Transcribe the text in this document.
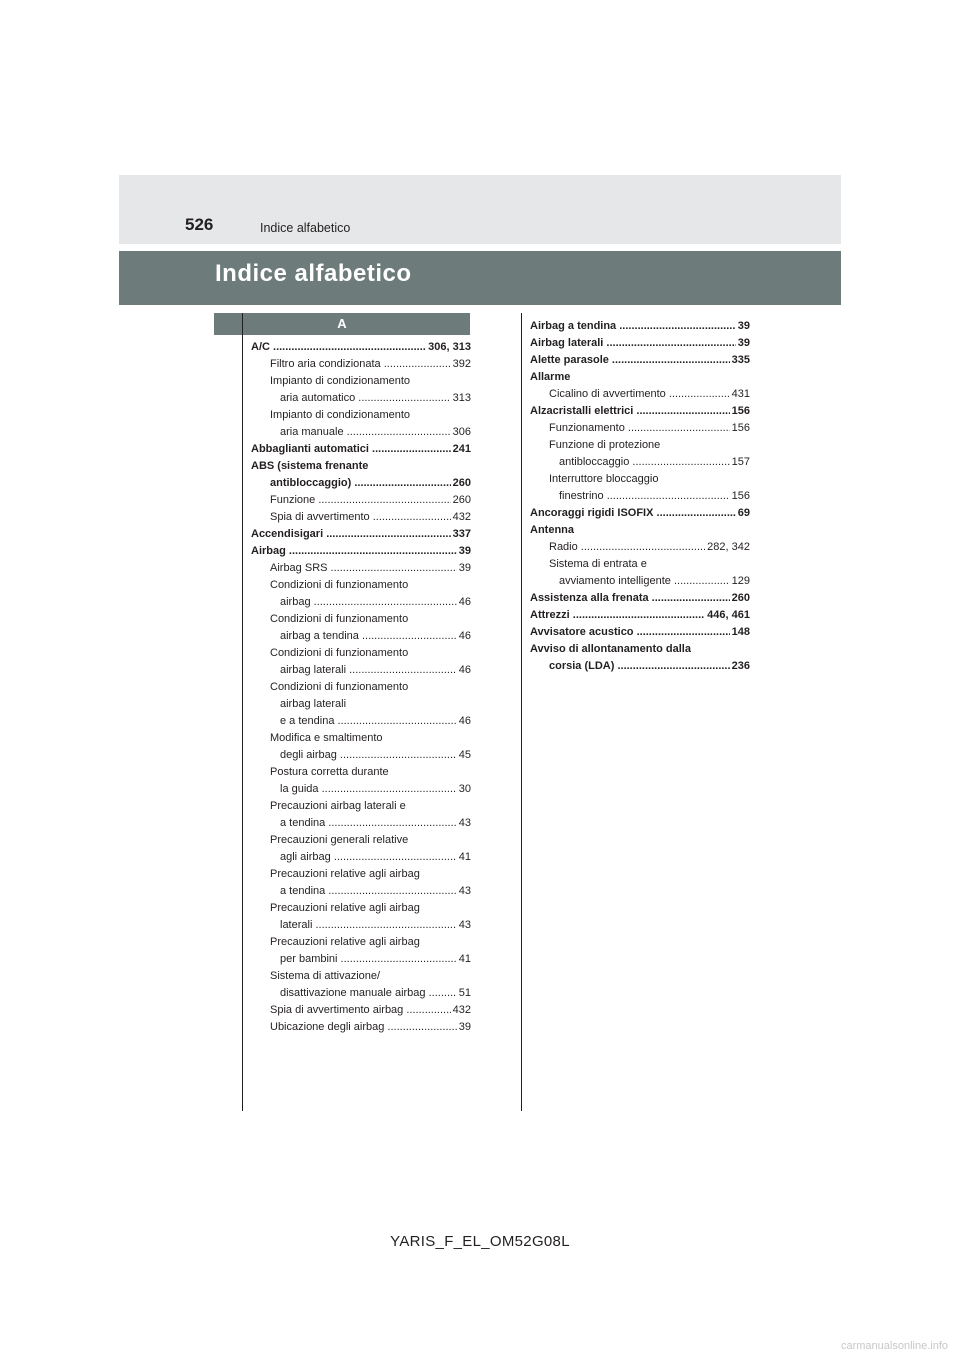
526	Indice alfabetico
Indice alfabetico
A
A/C	306, 313
.....
Filtro aria condizionata	392
.....
Impianto di condizionamento
aria automatico	313
.....
Impianto di condizionamento
aria manuale	306
.....
Abbaglianti automatici	241
.....
ABS (sistema frenante
antibloccaggio)	260
.....
Funzione	260
.....
Spia di avvertimento	432
.....
Accendisigari	337
.....
Airbag	39
.....
Airbag SRS	39
.....
Condizioni di funzionamento
airbag	46
.....
Condizioni di funzionamento
airbag a tendina	46
.....
Condizioni di funzionamento
airbag laterali	46
.....
Condizioni di funzionamento
airbag laterali
e a tendina	46
.....
Modifica e smaltimento
degli airbag	45
.....
Postura corretta durante
la guida	30
.....
Precauzioni airbag laterali e
a tendina	43
.....
Precauzioni generali relative
agli airbag	41
.....
Precauzioni relative agli airbag
a tendina	43
.....
Precauzioni relative agli airbag
laterali	43
.....
Precauzioni relative agli airbag
per bambini	41
.....
Sistema di attivazione/
disattivazione manuale airbag	51
.....
Spia di avvertimento airbag	432
.....
Ubicazione degli airbag	39
.....
Airbag a tendina	39
.....
Airbag laterali	39
.....
Alette parasole	335
.....
Allarme
Cicalino di avvertimento	431
.....
Alzacristalli elettrici	156
.....
Funzionamento	156
.....
Funzione di protezione
antibloccaggio	157
.....
Interruttore bloccaggio
finestrino	156
.....
Ancoraggi rigidi ISOFIX	69
.....
Antenna
Radio	282, 342
.....
Sistema di entrata e
avviamento intelligente	129
.....
Assistenza alla frenata	260
.....
Attrezzi	446, 461
.....
Avvisatore acustico	148
.....
Avviso di allontanamento dalla
corsia (LDA)	236
.....
YARIS_F_EL_OM52G08L
carmanualsonline.info
